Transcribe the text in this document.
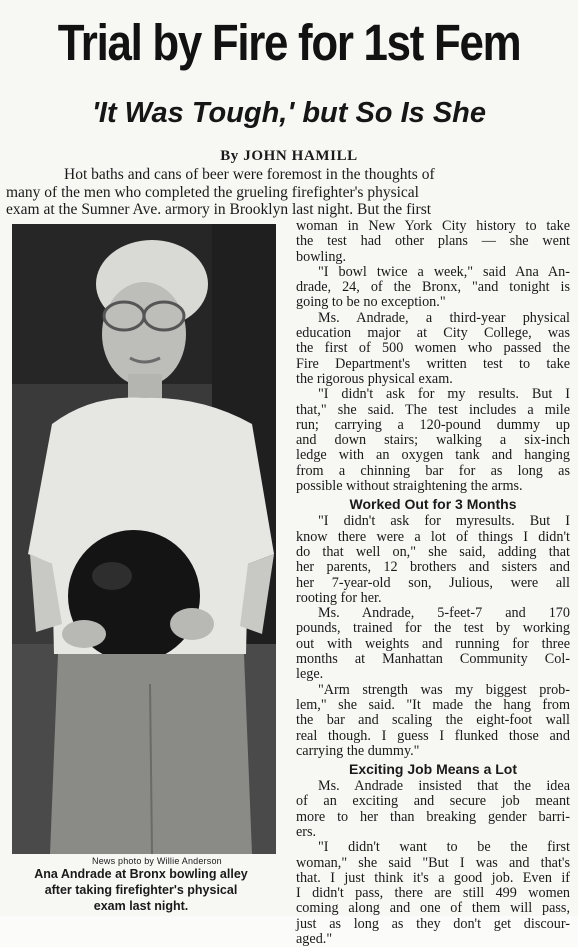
Trial by Fire for 1st Fem
'It Was Tough,' but So Is She
By JOHN HAMILL
Hot baths and cans of beer were foremost in the thoughts of
many of the men who completed the grueling firefighter's physical
exam at the Sumner Ave. armory in Brooklyn last night. But the first
News photo by Willie Anderson
Ana Andrade at Bronx bowling alley
after taking firefighter's physical
exam last night.
woman in New York City history to take
the test had other plans — she went
bowling.
"I bowl twice a week," said Ana An-
drade, 24, of the Bronx, "and tonight is
going to be no exception."
Ms. Andrade, a third-year physical
education major at City College, was
the first of 500 women who passed the
Fire Department's written test to take
the rigorous physical exam.
"I didn't ask for my results. But I
that," she said. The test includes a mile
run; carrying a 120-pound dummy up
and down stairs; walking a six-inch
ledge with an oxygen tank and hanging
from a chinning bar for as long as
possible without straightening the arms.
Worked Out for 3 Months
"I didn't ask for myresults. But I
know there were a lot of things I didn't
do that well on," she said, adding that
her parents, 12 brothers and sisters and
her 7-year-old son, Julious, were all
rooting for her.
Ms. Andrade, 5-feet-7 and 170
pounds, trained for the test by working
out with weights and running for three
months at Manhattan Community Col-
lege.
"Arm strength was my biggest prob-
lem," she said. "It made the hang from
the bar and scaling the eight-foot wall
real though. I guess I flunked those and
carrying the dummy."
Exciting Job Means a Lot
Ms. Andrade insisted that the idea
of an exciting and secure job meant
more to her than breaking gender barri-
ers.
"I didn't want to be the first
woman," she said "But I was and that's
that. I just think it's a good job. Even if
I didn't pass, there are still 499 women
coming along and one of them will pass,
just as long as they don't get discour-
aged."
